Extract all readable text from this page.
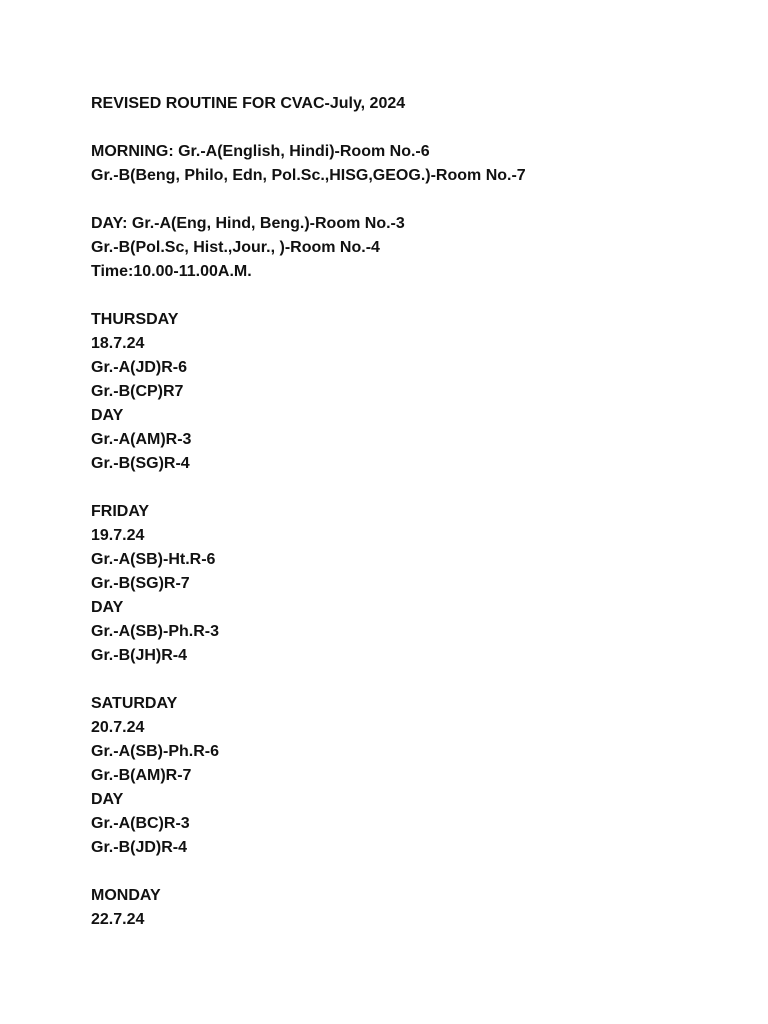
REVISED ROUTINE FOR CVAC-July, 2024
MORNING: Gr.-A(English, Hindi)-Room No.-6
Gr.-B(Beng, Philo, Edn, Pol.Sc.,HISG,GEOG.)-Room No.-7
DAY: Gr.-A(Eng, Hind, Beng.)-Room No.-3
Gr.-B(Pol.Sc, Hist.,Jour., )-Room No.-4
Time:10.00-11.00A.M.
THURSDAY
18.7.24
Gr.-A(JD)R-6
Gr.-B(CP)R7
DAY
Gr.-A(AM)R-3
Gr.-B(SG)R-4
FRIDAY
19.7.24
Gr.-A(SB)-Ht.R-6
Gr.-B(SG)R-7
DAY
Gr.-A(SB)-Ph.R-3
Gr.-B(JH)R-4
SATURDAY
20.7.24
Gr.-A(SB)-Ph.R-6
Gr.-B(AM)R-7
DAY
Gr.-A(BC)R-3
Gr.-B(JD)R-4
MONDAY
22.7.24
